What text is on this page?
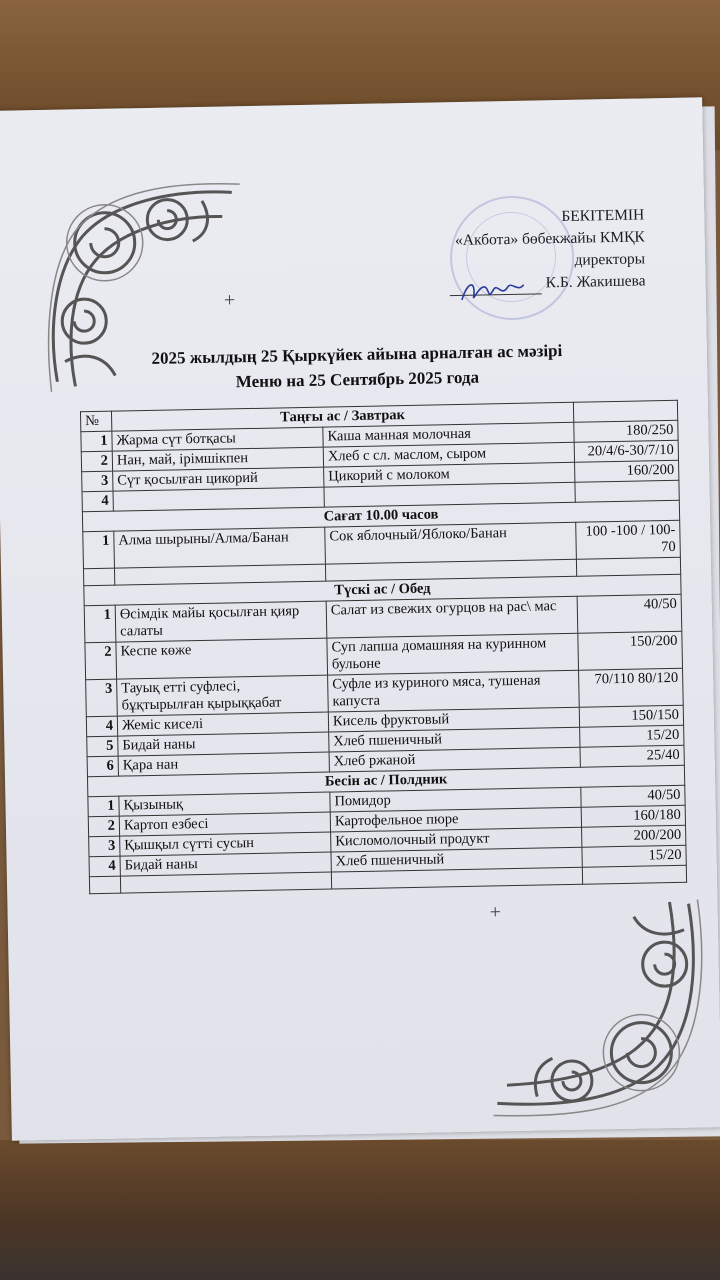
БЕКІТЕМІН
«Акбота» бөбекжайы КМҚК
директоры
К.Б. Жакишева
+
+
2025 жылдың 25 Қыркүйек айына арналған ас мәзірі
Меню на 25 Сентябрь 2025 года
№	Таңғы ас / Завтрак		
1	Жарма сүт ботқасы	Каша манная молочная	180/250
2	Нан, май, ірімшікпен	Хлеб с сл. маслом, сыром	20/4/6-30/7/10
3	Сүт қосылған цикорий	Цикорий с молоком	160/200
4			
Сағат 10.00 часов			
1	Алма шырыны/Алма/Банан	Сок яблочный/Яблоко/Банан	100 -100 / 100-70

Түскі ас / Обед			
1	Өсімдік майы қосылған қияр салаты	Салат из свежих огурцов на рас\ мас	40/50
2	Кеспе көже	Суп лапша домашняя на куринном бульоне	150/200
3	Тауық етті суфлесі, бұқтырылған қырыққабат	Суфле из куриного мяса, тушеная капуста	70/110 80/120
4	Жеміс киселі	Кисель фруктовый	150/150
5	Бидай наны	Хлеб пшеничный	15/20
6	Қара нан	Хлеб ржаной	25/40
Бесін ас / Полдник			
1	Қызынық	Помидор	40/50
2	Картоп езбесі	Картофельное пюре	160/180
3	Қышқыл сүтті сусын	Кисломолочный продукт	200/200
4	Бидай наны	Хлеб пшеничный	15/20
